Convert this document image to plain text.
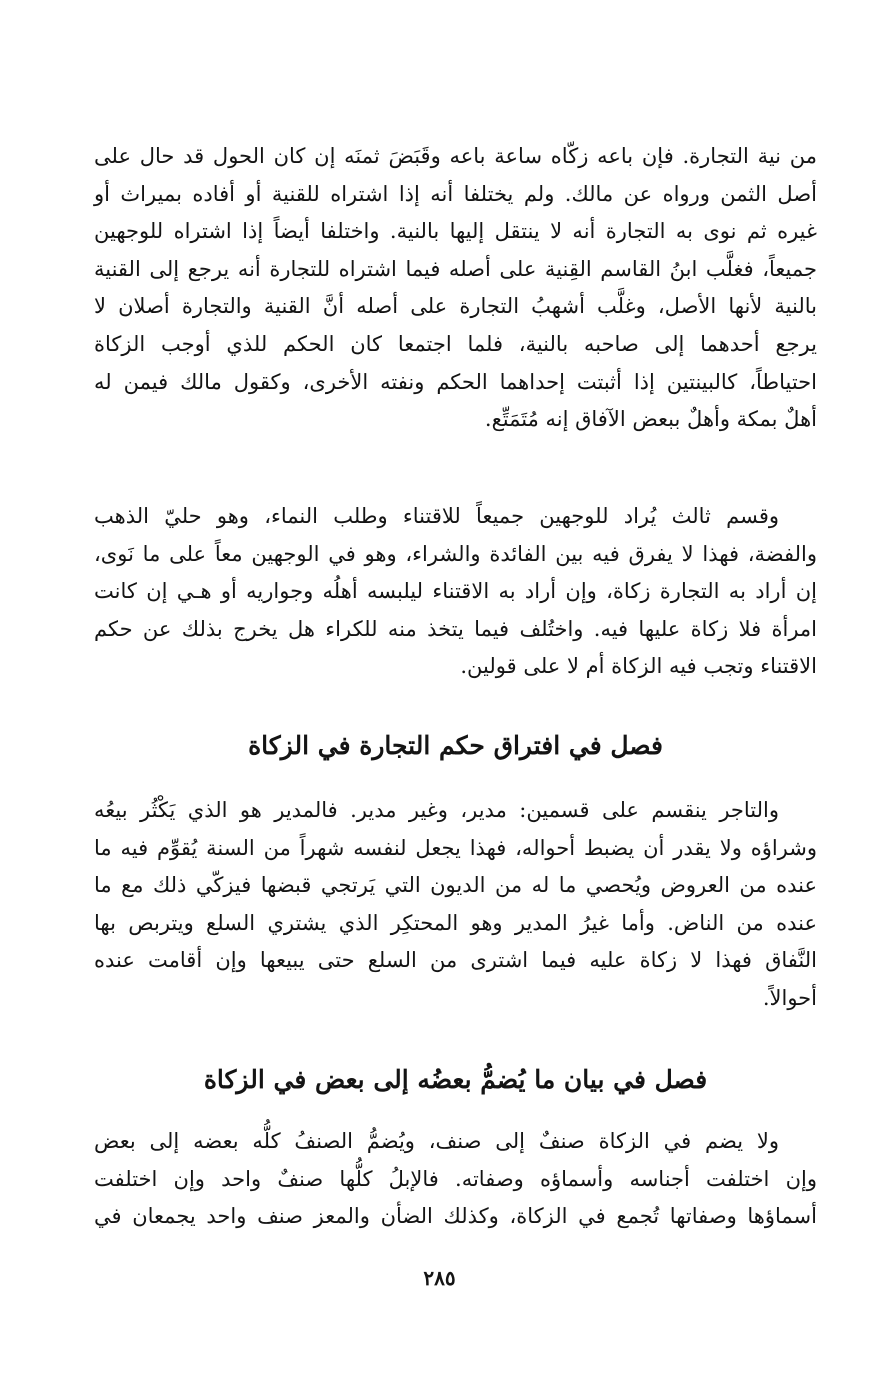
من نية التجارة. فإن باعه زكّاه ساعة باعه وقَبَضَ ثمنَه إن كان الحول قد حال على
أصل الثمن ورواه عن مالك. ولم يختلفا أنه إذا اشتراه للقنية أو أفاده بميراث أو
غيره ثم نوى به التجارة أنه لا ينتقل إليها بالنية. واختلفا أيضاً إذا اشتراه للوجهين
جميعاً، فغلَّب ابنُ القاسم القِنية على أصله فيما اشتراه للتجارة أنه يرجع إلى القنية
بالنية لأنها الأصل، وغلَّب أشهبُ التجارة على أصله أنَّ القنية والتجارة أصلان لا
يرجع أحدهما إلى صاحبه بالنية، فلما اجتمعا كان الحكم للذي أوجب الزكاة
احتياطاً، كالبينتين إذا أثبتت إحداهما الحكم ونفته الأخرى، وكقول مالك فيمن له
أهلٌ بمكة وأهلٌ ببعض الآفاق إنه مُتَمَتِّع.
وقسم ثالث يُراد للوجهين جميعاً للاقتناء وطلب النماء، وهو حليّ الذهب
والفضة، فهذا لا يفرق فيه بين الفائدة والشراء، وهو في الوجهين معاً على ما نَوى،
إن أراد به التجارة زكاة، وإن أراد به الاقتناء ليلبسه أهلُه وجواريه أو هـي إن كانت
امرأة فلا زكاة عليها فيه. واختُلف فيما يتخذ منه للكراء هل يخرج بذلك عن حكم
الاقتناء وتجب فيه الزكاة أم لا على قولين.
فصل في افتراق حكم التجارة في الزكاة
والتاجر ينقسم على قسمين: مدير، وغير مدير. فالمدير هو الذي يَكْثُر بيعُه
وشراؤه ولا يقدر أن يضبط أحواله، فهذا يجعل لنفسه شهراً من السنة يُقوِّم فيه ما
عنده من العروض ويُحصي ما له من الديون التي يَرتجي قبضها فيزكّي ذلك مع ما
عنده من الناض. وأما غيرُ المدير وهو المحتكِر الذي يشتري السلع ويتربص بها
النَّفاق فهذا لا زكاة عليه فيما اشترى من السلع حتى يبيعها وإن أقامت عنده
أحوالاً.
فصل في بيان ما يُضمُّ بعضُه إلى بعض في الزكاة
ولا يضم في الزكاة صنفٌ إلى صنف، ويُضمُّ الصنفُ كلُّه بعضه إلى بعض
وإن اختلفت أجناسه وأسماؤه وصفاته. فالإبلُ كلُّها صنفٌ واحد وإن اختلفت
أسماؤها وصفاتها تُجمع في الزكاة، وكذلك الضأن والمعز صنف واحد يجمعان في
٢٨٥
